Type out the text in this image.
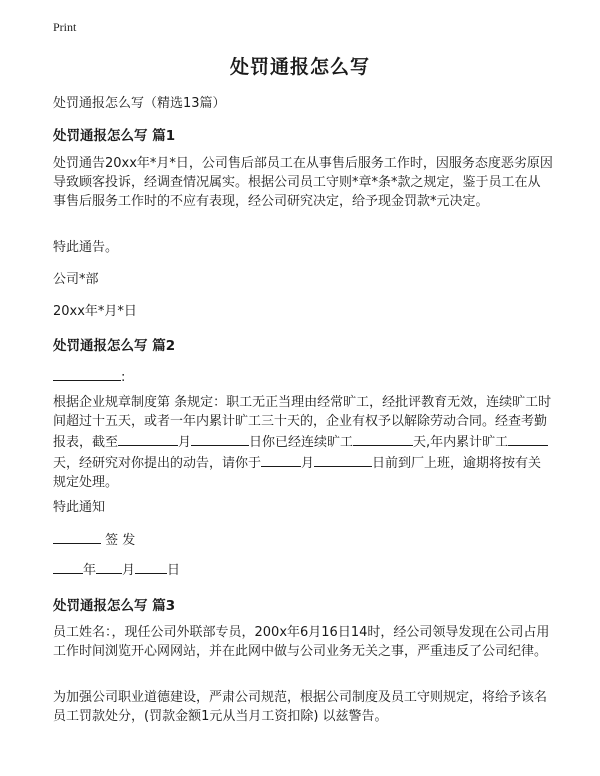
Print
处罚通报怎么写
处罚通报怎么写（精选13篇）
处罚通报怎么写 篇1
处罚通告20xx年*月*日，公司售后部员工在从事售后服务工作时，因服务态度恶劣原因导致顾客投诉，经调查情况属实。根据公司员工守则*章*条*款之规定，鉴于员工在从事售后服务工作时的不应有表现，经公司研究决定，给予现金罚款*元决定。
特此通告。
公司*部
20xx年*月*日
处罚通报怎么写 篇2
:
根据企业规章制度第 条规定：职工无正当理由经常旷工，经批评教育无效，连续旷工时间超过十五天，或者一年内累计旷工三十天的，企业有权予以解除劳动合同。经查考勤报表，截至	月	日你已经连续旷工	天,年内累计旷工天，经研究对你提出的动告，请你于	月	日前到厂上班，逾期将按有关规定处理。
特此通知
签 发
年 月 日
处罚通报怎么写 篇3
员工姓名：，现任公司外联部专员，200x年6月16日14时，经公司领导发现在公司占用工作时间浏览开心网网站，并在此网中做与公司业务无关之事，严重违反了公司纪律。
为加强公司职业道德建设，严肃公司规范，根据公司制度及员工守则规定，将给予该名员工罚款处分，(罚款金额1元从当月工资扣除) 以兹警告。
